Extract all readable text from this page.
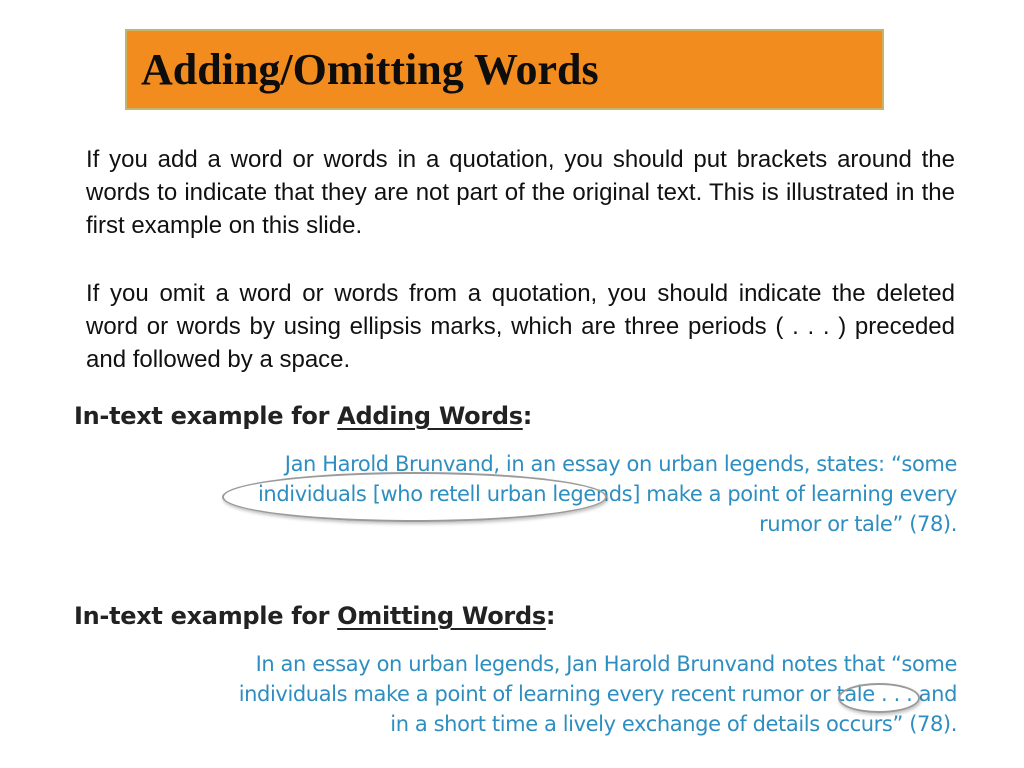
Adding/Omitting Words

If you add a word or words in a quotation, you should put brackets around the words to indicate that they are not part of the original text. This is illustrated in the first example on this slide.

If you omit a word or words from a quotation, you should indicate the deleted word or words by using ellipsis marks, which are three periods ( . . . ) preceded and followed by a space.

In-text example for Adding Words:
Jan Harold Brunvand, in an essay on urban legends, states: “some
individuals [who retell urban legends] make a point of learning every
rumor or tale” (78).
In-text example for Omitting Words:
In an essay on urban legends, Jan Harold Brunvand notes that “some
individuals make a point of learning every recent rumor or tale . . . and
in a short time a lively exchange of details occurs” (78).
